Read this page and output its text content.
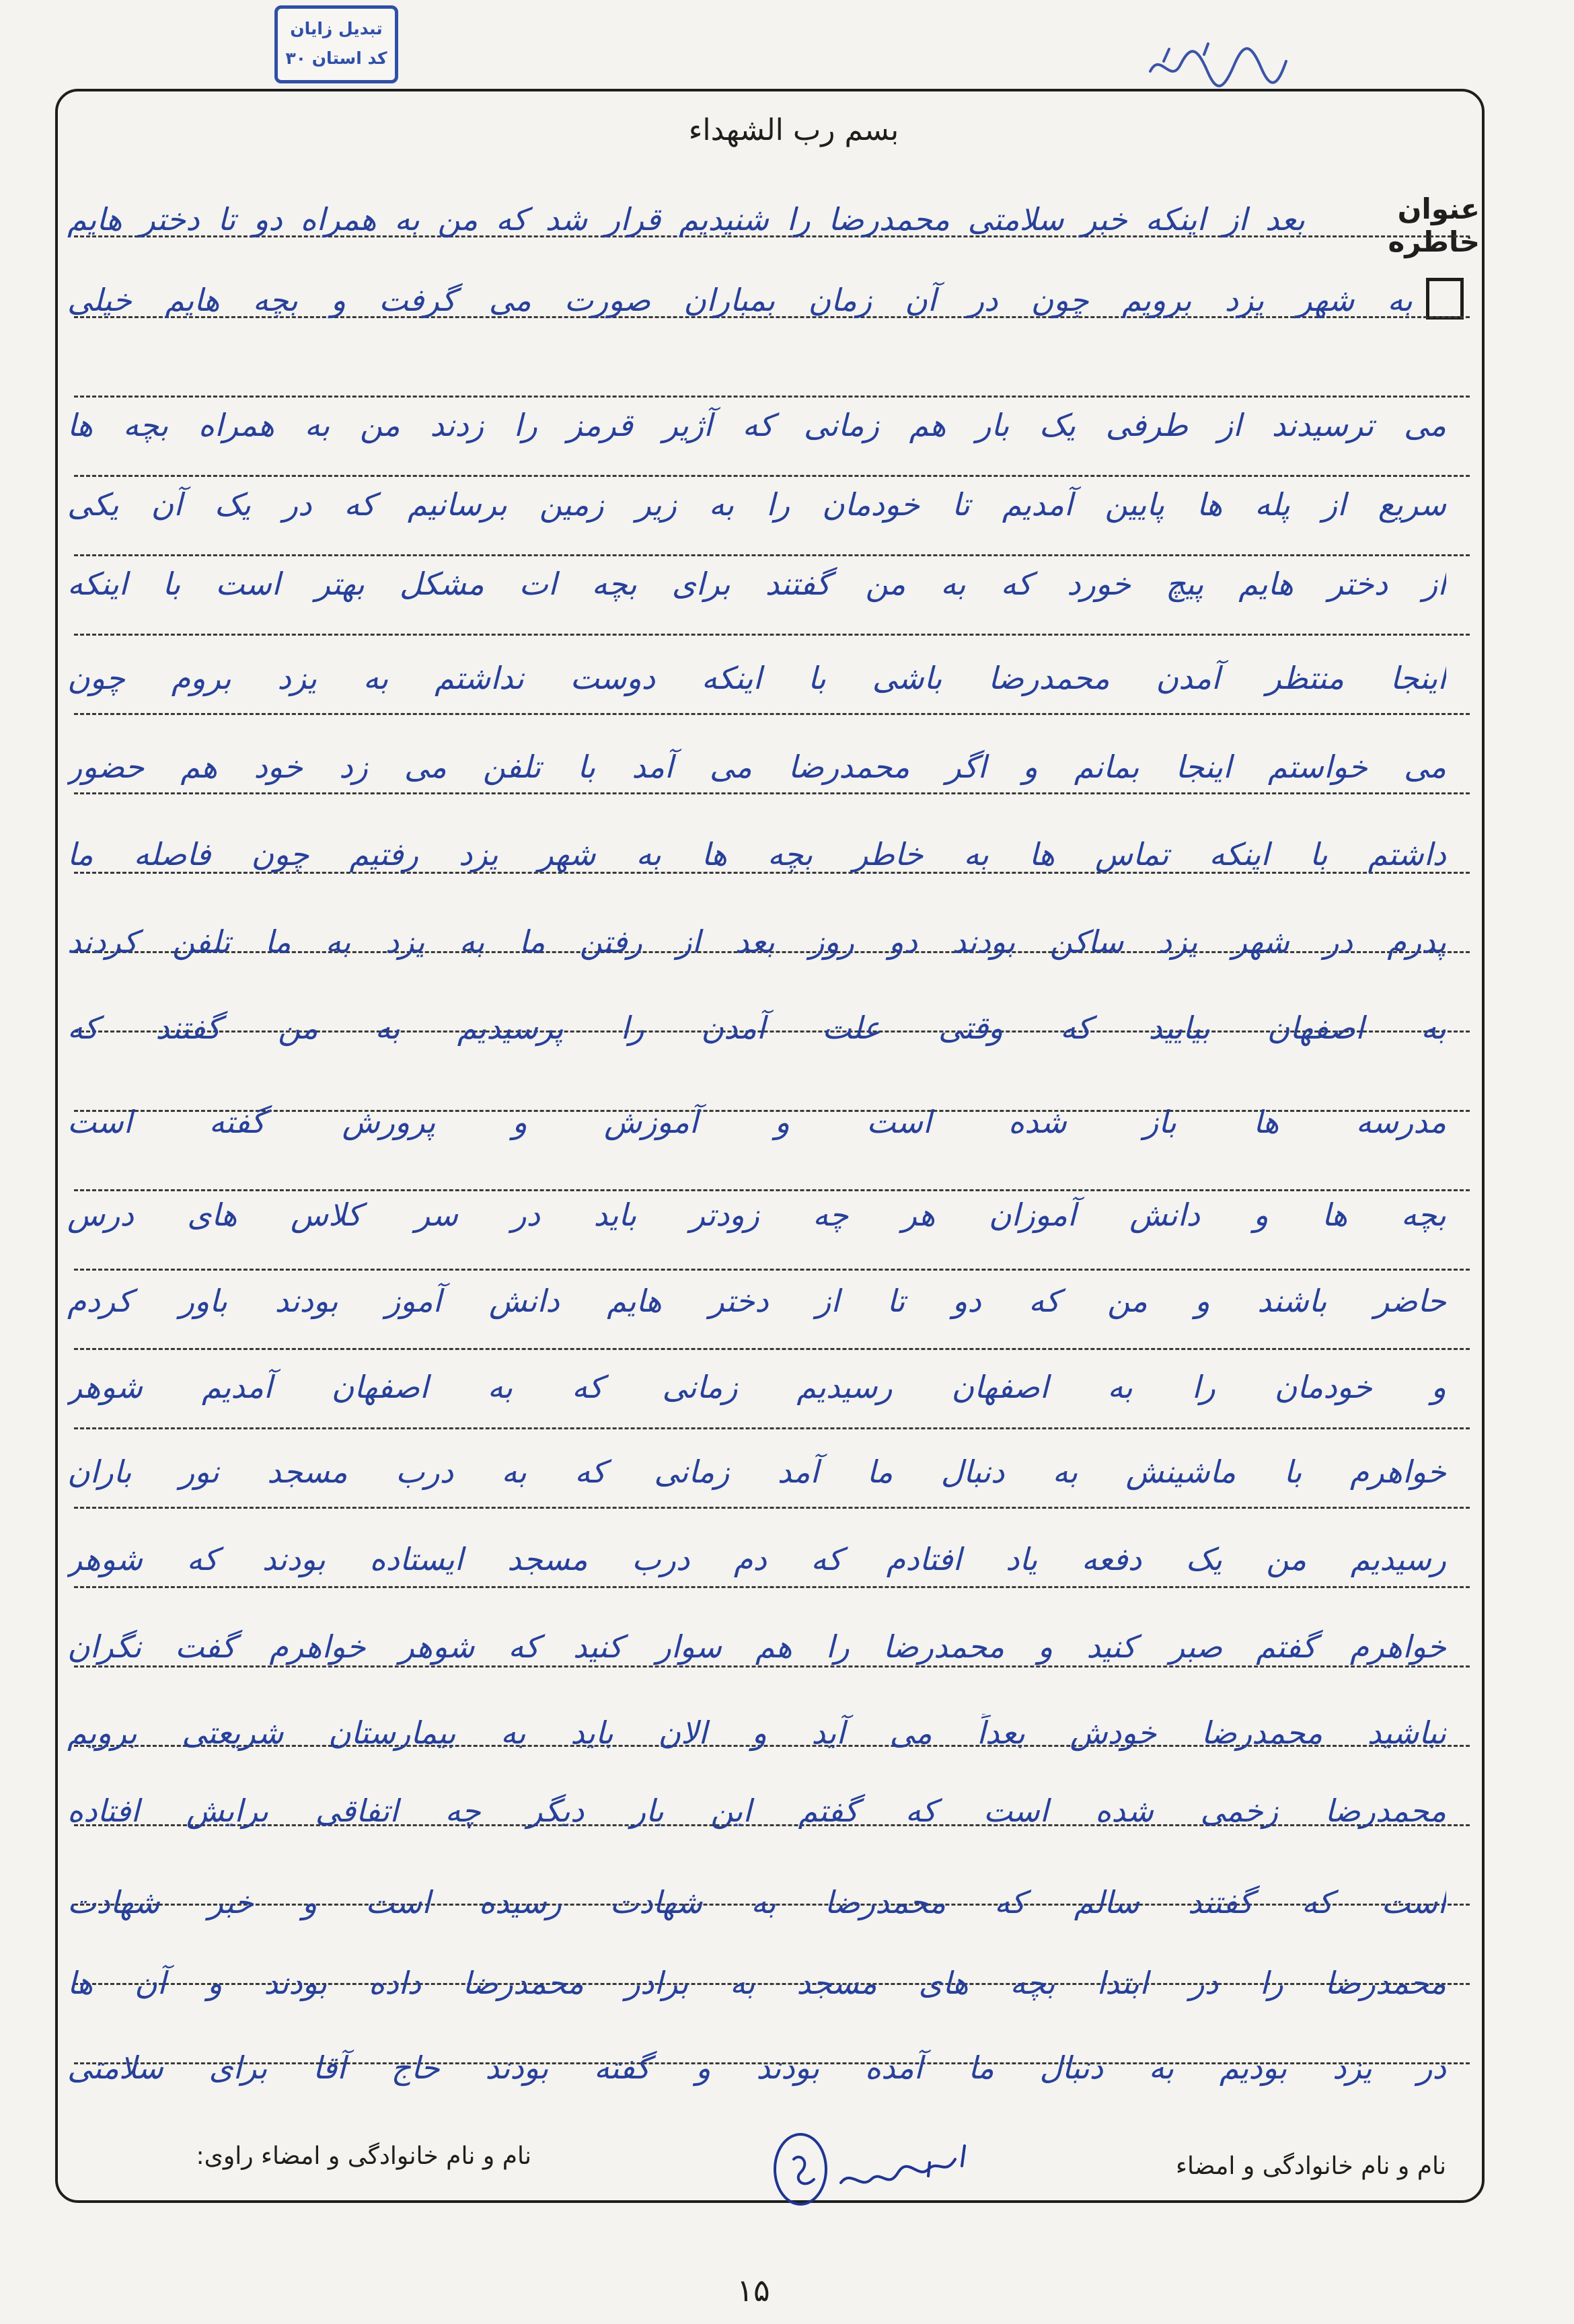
تبدیل زایان
کد استان ۳۰
بسم رب الشهداء
عنوان خاطره
بعد از اینکه خبر سلامتی محمدرضا را شنیدیم قرار شد که من به همراه دو تا دختر هایم
به شهر یزد برویم چون در آن زمان بمباران صورت می گرفت و بچه هایم خیلی
می ترسیدند از طرفی یک بار هم زمانی که آژیر قرمز را زدند من به همراه بچه ها
سریع از پله ها پایین آمدیم تا خودمان را به زیر زمین برسانیم که در یک آن یکی
از دختر هایم پیچ خورد که به من گفتند برای بچه ات مشکل بهتر است با اینکه
اینجا منتظر آمدن محمدرضا باشی با اینکه دوست نداشتم به یزد بروم چون
می خواستم اینجا بمانم و اگر محمدرضا می آمد با تلفن می زد خود هم حضور
داشتم با اینکه تماس ها به خاطر بچه ها به شهر یزد رفتیم چون فاصله ما
پدرم در شهر یزد ساکن بودند دو روز بعد از رفتن ما به یزد به ما تلفن کردند
به اصفهان بیایید که وقتی علت آمدن را پرسیدیم به من گفتند که
مدرسه ها باز شده است و آموزش و پرورش گفته است
بچه ها و دانش آموزان هر چه زودتر باید در سر کلاس های درس
حاضر باشند و من که دو تا از دختر هایم دانش آموز بودند باور کردم
و خودمان را به اصفهان رسیدیم زمانی که به اصفهان آمدیم شوهر
خواهرم با ماشینش به دنبال ما آمد زمانی که به درب مسجد نور باران
رسیدیم من یک دفعه یاد افتادم که دم درب مسجد ایستاده بودند که شوهر
خواهرم گفتم صبر کنید و محمدرضا را هم سوار کنید که شوهر خواهرم گفت نگران
نباشید محمدرضا خودش بعداً می آید و الان باید به بیمارستان شریعتی برویم
محمدرضا زخمی شده است که گفتم این بار دیگر چه اتفاقی برایش افتاده
است که گفتند سالم که محمدرضا به شهادت رسیده است و خبر شهادت
محمدرضا را در ابتدا بچه های مسجد به برادر محمدرضا داده بودند و آن ها
در یزد بودیم به دنبال ما آمده بودند و گفته بودند حاج آقا برای سلامتی
نام و نام خانوادگی و امضاء راوی:	نام و نام خانوادگی و امضاء
۱۵
